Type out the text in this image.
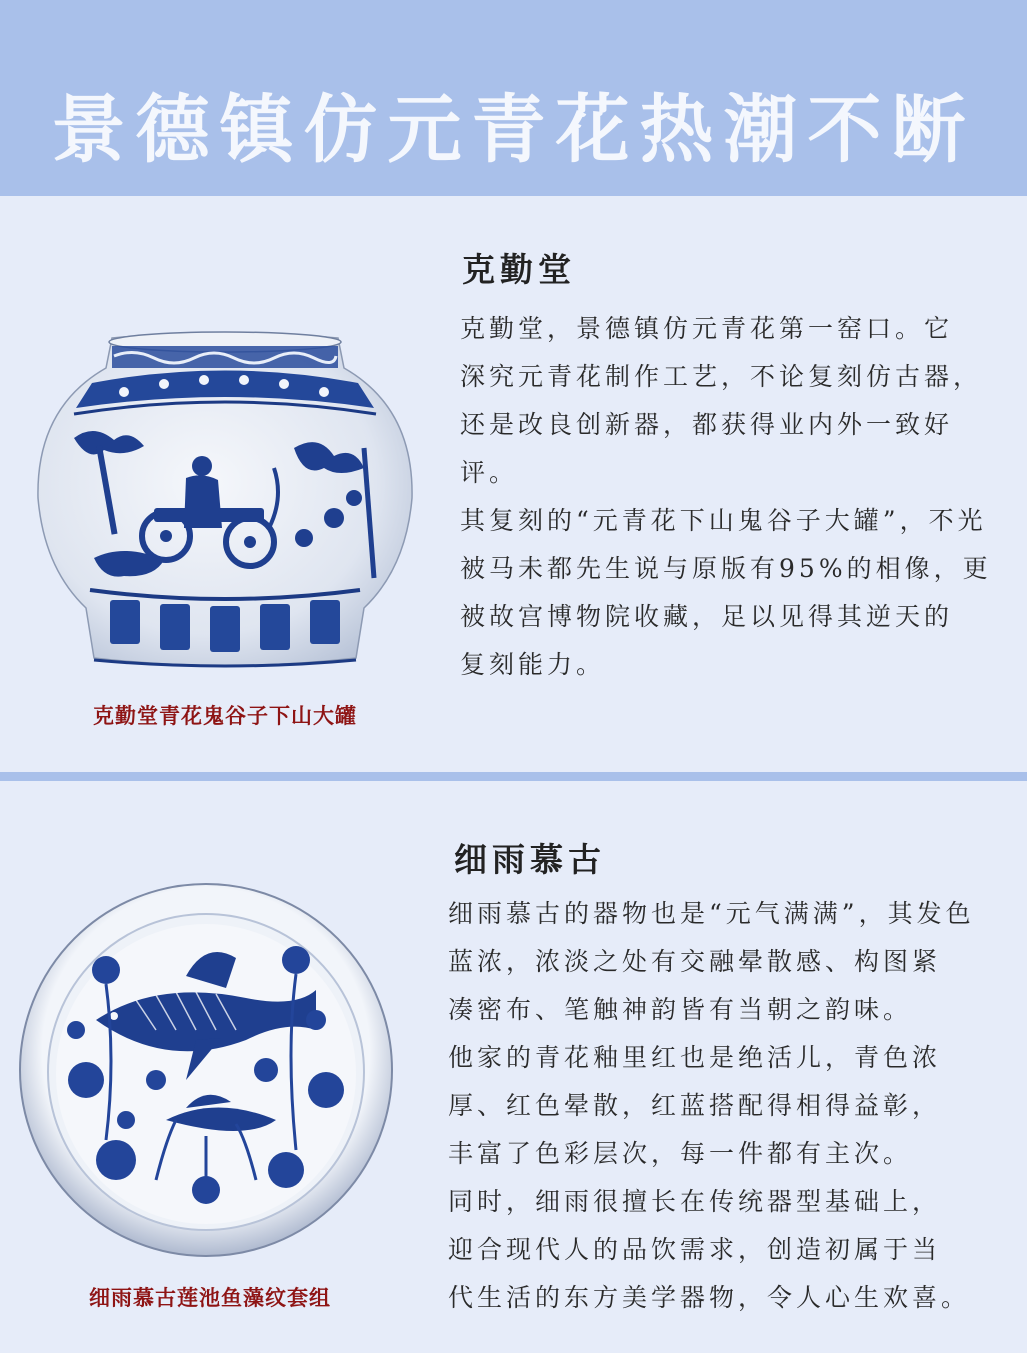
景德镇仿元青花热潮不断
克勤堂青花鬼谷子下山大罐
克勤堂
克勤堂，景德镇仿元青花第一窑口。它
深究元青花制作工艺，不论复刻仿古器，
还是改良创新器，都获得业内外一致好
评。
其复刻的“元青花下山鬼谷子大罐”，不光
被马未都先生说与原版有95%的相像，更
被故宫博物院收藏，足以见得其逆天的
复刻能力。
细雨慕古莲池鱼藻纹套组
细雨慕古
细雨慕古的器物也是“元气满满”，其发色
蓝浓，浓淡之处有交融晕散感、构图紧
凑密布、笔触神韵皆有当朝之韵味。
他家的青花釉里红也是绝活儿，青色浓
厚、红色晕散，红蓝搭配得相得益彰，
丰富了色彩层次，每一件都有主次。
同时，细雨很擅长在传统器型基础上，
迎合现代人的品饮需求，创造初属于当
代生活的东方美学器物，令人心生欢喜。
